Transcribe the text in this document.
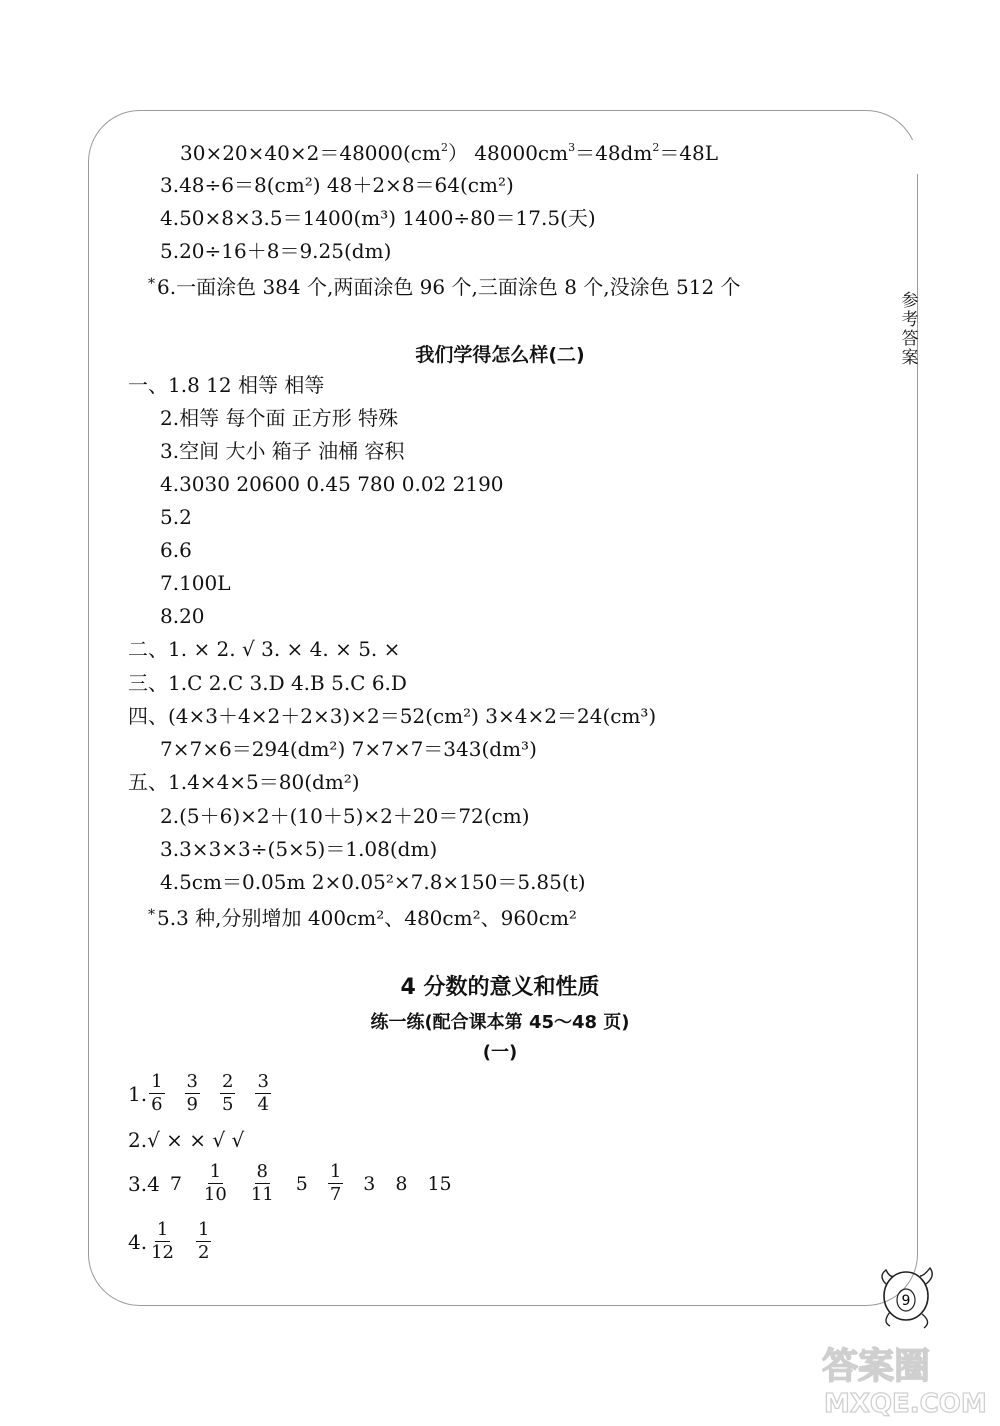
参考答案
$30\times 20\times 40\times 2=48000(cm^2)$ $48000cm^3=48dm^2=48L$
3.48÷6＝8(cm²) 48＋2×8＝64(cm²)
4.50×8×3.5＝1400(m³) 1400÷80＝17.5(天)
5.20÷16＋8＝9.25(dm)
* 6.一面涂色 384 个,两面涂色 96 个,三面涂色 8 个,没涂色 512 个
我们学得怎么样(二)
一、1.8 12 相等 相等
2.相等 每个面 正方形 特殊
3.空间 大小 箱子 油桶 容积
4.3030 20600 0.45 780 0.02 2190
5.2
6.6
7.100L
8.20
二、1. × 2. √ 3. × 4. × 5. ×
三、1.C 2.C 3.D 4.B 5.C 6.D
四、(4×3＋4×2＋2×3)×2＝52(cm²) 3×4×2＝24(cm³)
7×7×6＝294(dm²) 7×7×7＝343(dm³)
五、1.4×4×5＝80(dm²)
2.(5＋6)×2＋(10＋5)×2＋20＝72(cm)
3.3×3×3÷(5×5)＝1.08(dm)
4.5cm＝0.05m 2×0.05²×7.8×150＝5.85(t)
* 5.3 种,分别增加 400cm²、480cm²、960cm²
4 分数的意义和性质
练一练(配合课本第 45～48 页)
(一)
1. $\frac{1}{6} \frac{3}{9} \frac{2}{5} \frac{3}{4}$
2.√ × × √ √
3.4 $7 \frac{1}{10} \frac{8}{11} 5 \frac{1}{7} 3$ 8 15
4. $\frac{1}{12} \frac{1}{2}$
9
答案圈
MXQE.COM
